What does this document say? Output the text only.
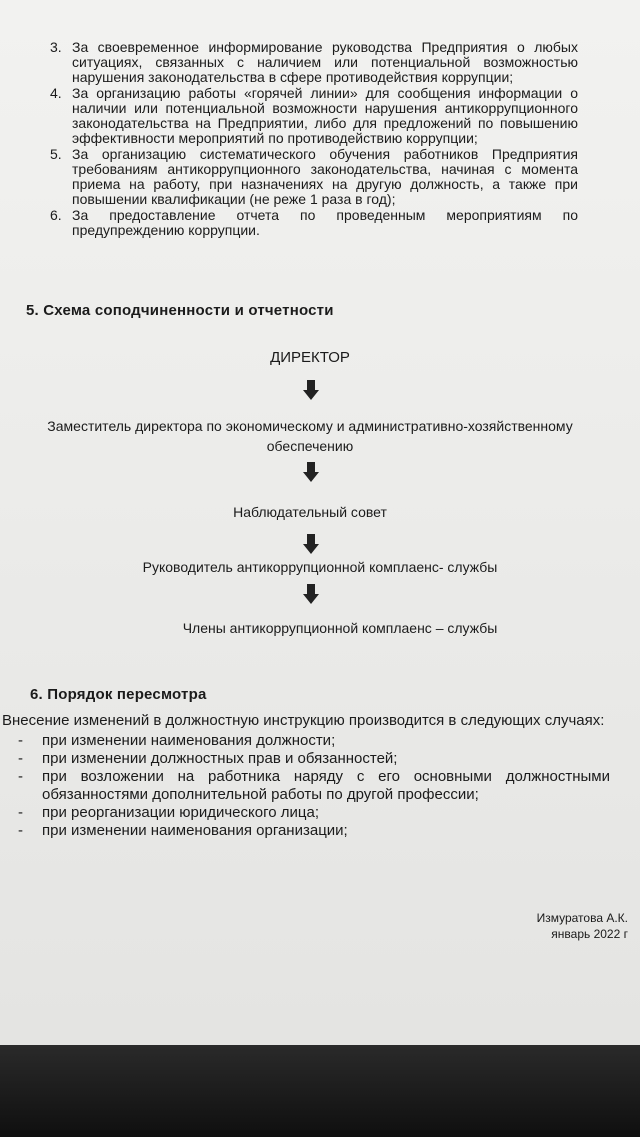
3. За своевременное информирование руководства Предприятия о любых ситуациях, связанных с наличием или потенциальной возможностью нарушения законодательства в сфере противодействия коррупции;
4. За организацию работы «горячей линии» для сообщения информации о наличии или потенциальной возможности нарушения антикоррупционного законодательства на Предприятии, либо для предложений по повышению эффективности мероприятий по противодействию коррупции;
5. За организацию систематического обучения работников Предприятия требованиям антикоррупционного законодательства, начиная с момента приема на работу, при назначениях на другую должность, а также при повышении квалификации (не реже 1 раза в год);
6. За предоставление отчета по проведенным мероприятиям по предупреждению коррупции.
5. Схема соподчиненности и отчетности
ДИРЕКТОР
Заместитель директора по экономическому и административно-хозяйственному обеспечению
Наблюдательный совет
Руководитель антикоррупционной комплаенс- службы
Члены антикоррупционной комплаенс – службы
6. Порядок пересмотра
Внесение изменений в должностную инструкцию производится в следующих случаях:
-	при изменении наименования должности;
-	при изменении должностных прав и обязанностей;
-	при возложении на работника наряду с его основными должностными обязанностями дополнительной работы по другой профессии;
-	при реорганизации юридического лица;
-	при изменении наименования организации;
Измуратова А.К.
январь 2022 г
